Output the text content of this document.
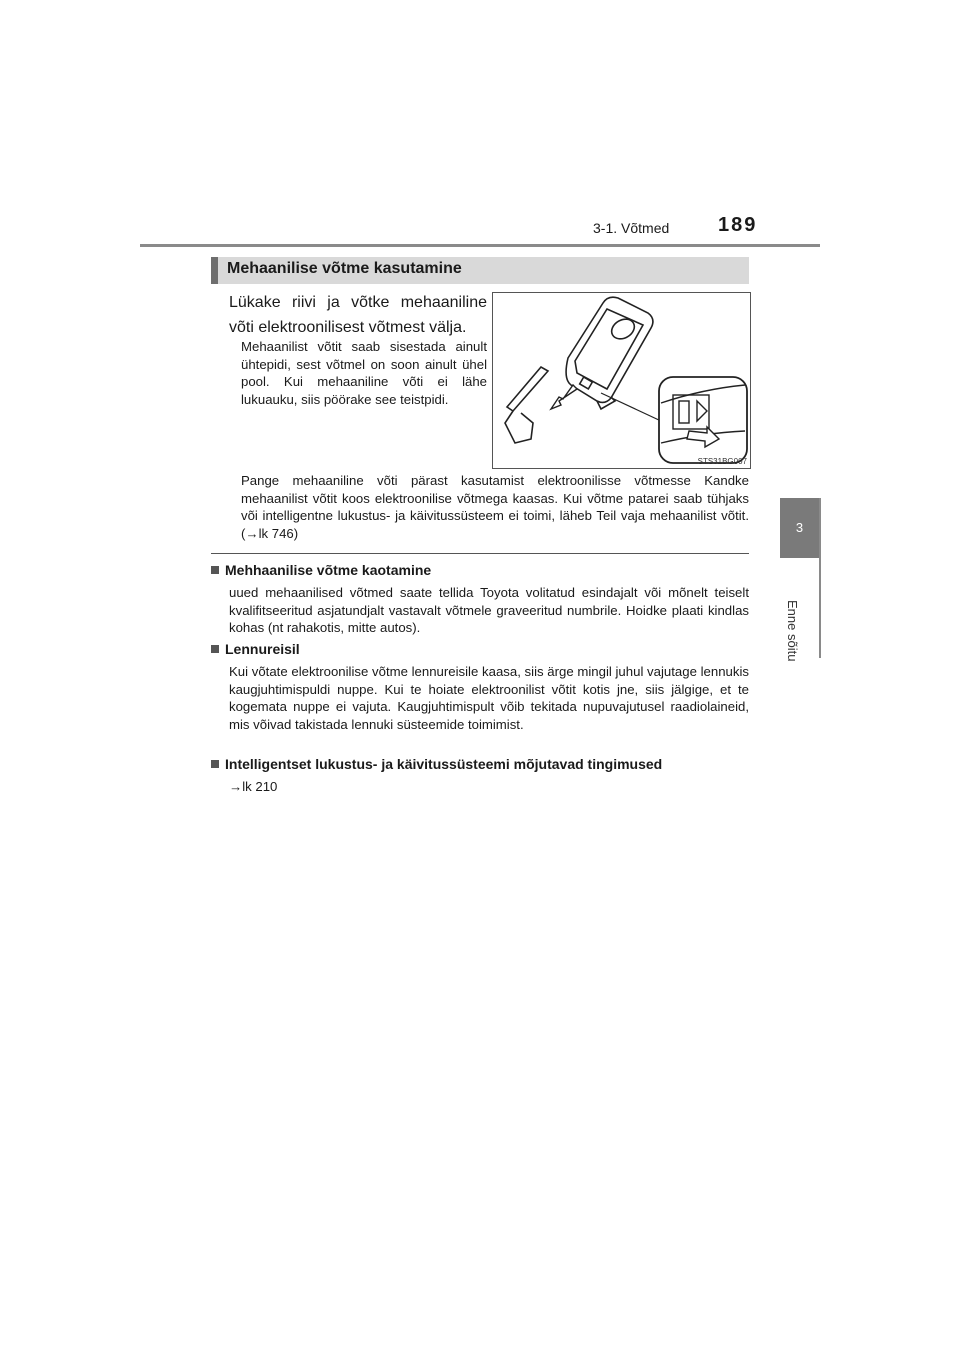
3-1. Võtmed 189
3
Enne sõitu
Mehaanilise võtme kasutamine
Lükake riivi ja võtke mehaaniline võti elektroonilisest võtmest välja.
Mehaanilist võtit saab sisestada ainult ühtepidi, sest võtmel on soon ainult ühel pool. Kui mehaaniline võti ei lähe lukuauku, siis pöörake see teistpidi.
STS31BG007
Pange mehaaniline võti pärast kasutamist elektroonilisse võtmesse Kandke mehaanilist võtit koos elektroonilise võtmega kaasas. Kui võtme patarei saab tühjaks või intelligentne lukustus- ja käivitussüsteem ei toimi, läheb Teil vaja mehaanilist võtit. (→lk 746)
Mehhaanilise võtme kaotamine
uued mehaanilised võtmed saate tellida Toyota volitatud esindajalt või mõnelt teiselt kvalifitseeritud asjatundjalt vastavalt võtmele graveeritud numbrile. Hoidke plaati kindlas kohas (nt rahakotis, mitte autos).
Lennureisil
Kui võtate elektroonilise võtme lennureisile kaasa, siis ärge mingil juhul vajutage lennukis kaugjuhtimispuldi nuppe. Kui te hoiate elektroonilist võtit kotis jne, siis jälgige, et te kogemata nuppe ei vajuta. Kaugjuhtimispult võib tekitada nupuvajutusel raadiolaineid, mis võivad takistada lennuki süsteemide toimimist.
Intelligentset lukustus- ja käivitussüsteemi mõjutavad tingimused
→lk 210
